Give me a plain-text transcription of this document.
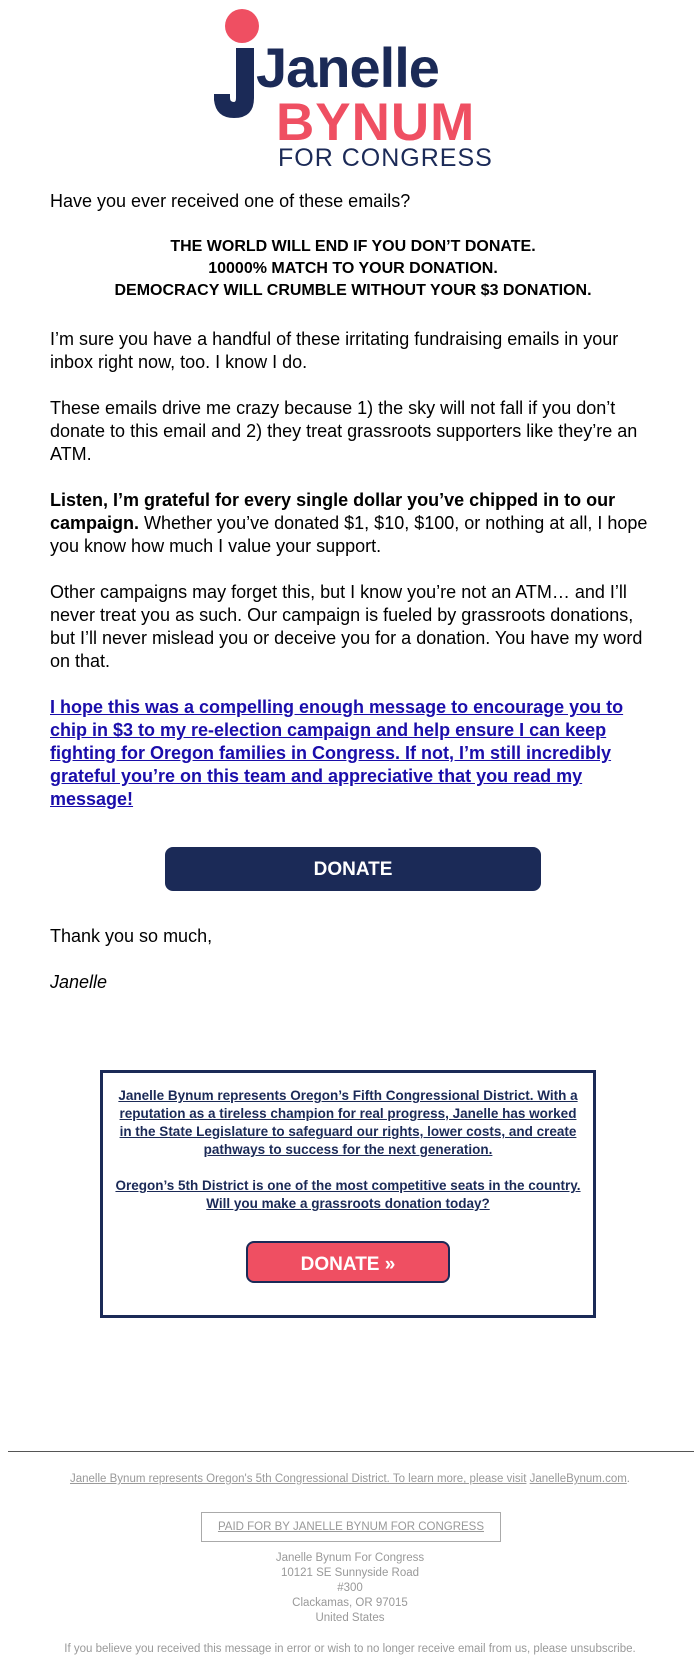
Janelle
BYNUM
FOR CONGRESS

Have you ever received one of these emails?

THE WORLD WILL END IF YOU DON’T DONATE.
10000% MATCH TO YOUR DONATION.
DEMOCRACY WILL CRUMBLE WITHOUT YOUR $3 DONATION.

I’m sure you have a handful of these irritating fundraising emails in your inbox right now, too. I know I do.

These emails drive me crazy because 1) the sky will not fall if you don’t donate to this email and 2) they treat grassroots supporters like they’re an ATM.

Listen, I’m grateful for every single dollar you’ve chipped in to our campaign. Whether you’ve donated $1, $10, $100, or nothing at all, I hope you know how much I value your support.

Other campaigns may forget this, but I know you’re not an ATM… and I’ll never treat you as such. Our campaign is fueled by grassroots donations, but I’ll never mislead you or deceive you for a donation. You have my word on that.

I hope this was a compelling enough message to encourage you to chip in $3 to my re-election campaign and help ensure I can keep fighting for Oregon families in Congress. If not, I’m still incredibly grateful you’re on this team and appreciative that you read my message!

DONATE

Thank you so much,

Janelle

Janelle Bynum represents Oregon’s Fifth Congressional District. With a reputation as a tireless champion for real progress, Janelle has worked in the State Legislature to safeguard our rights, lower costs, and create pathways to success for the next generation.

Oregon’s 5th District is one of the most competitive seats in the country. Will you make a grassroots donation today?

DONATE »
Janelle Bynum represents Oregon's 5th Congressional District. To learn more, please visit JanelleBynum.com.
PAID FOR BY JANELLE BYNUM FOR CONGRESS
Janelle Bynum For Congress
10121 SE Sunnyside Road
#300
Clackamas, OR 97015
United States
If you believe you received this message in error or wish to no longer receive email from us, please unsubscribe.
